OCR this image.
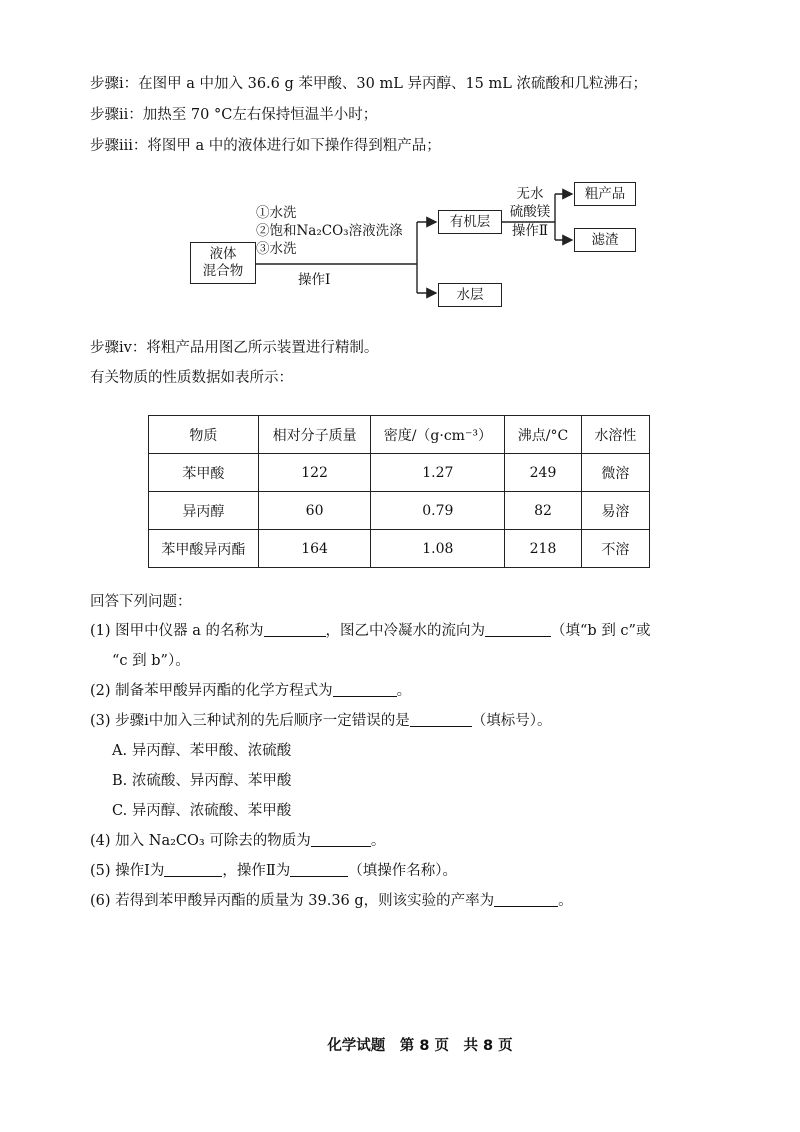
步骤ⅰ：在图甲 a 中加入 36.6 g 苯甲酸、30 mL 异丙醇、15 mL 浓硫酸和几粒沸石；
步骤ⅱ：加热至 70 °C左右保持恒温半小时；
步骤ⅲ：将图甲 a 中的液体进行如下操作得到粗产品；
液体
混合物
①水洗
②饱和Na₂CO₃溶液洗涤
③水洗
操作Ⅰ
有机层
水层
无水
硫酸镁
操作Ⅱ
粗产品
滤渣
步骤ⅳ：将粗产品用图乙所示装置进行精制。
有关物质的性质数据如表所示：
物质	相对分子质量	密度/（g·cm⁻³）	沸点/°C	水溶性
苯甲酸	122	1.27	249	微溶
异丙醇	60	0.79	82	易溶
苯甲酸异丙酯	164	1.08	218	不溶
回答下列问题：
(1) 图甲中仪器 a 的名称为	，图乙中冷凝水的流向为	（填“b 到 c”或
“c 到 b”）。
(2) 制备苯甲酸异丙酯的化学方程式为	。
(3) 步骤ⅰ中加入三种试剂的先后顺序一定错误的是	（填标号）。
A. 异丙醇、苯甲酸、浓硫酸
B. 浓硫酸、异丙醇、苯甲酸
C. 异丙醇、浓硫酸、苯甲酸
(4) 加入 Na₂CO₃ 可除去的物质为	。
(5) 操作Ⅰ为	，操作Ⅱ为	（填操作名称）。
(6) 若得到苯甲酸异丙酯的质量为 39.36 g，则该实验的产率为	。
化学试题　第 8 页　共 8 页
